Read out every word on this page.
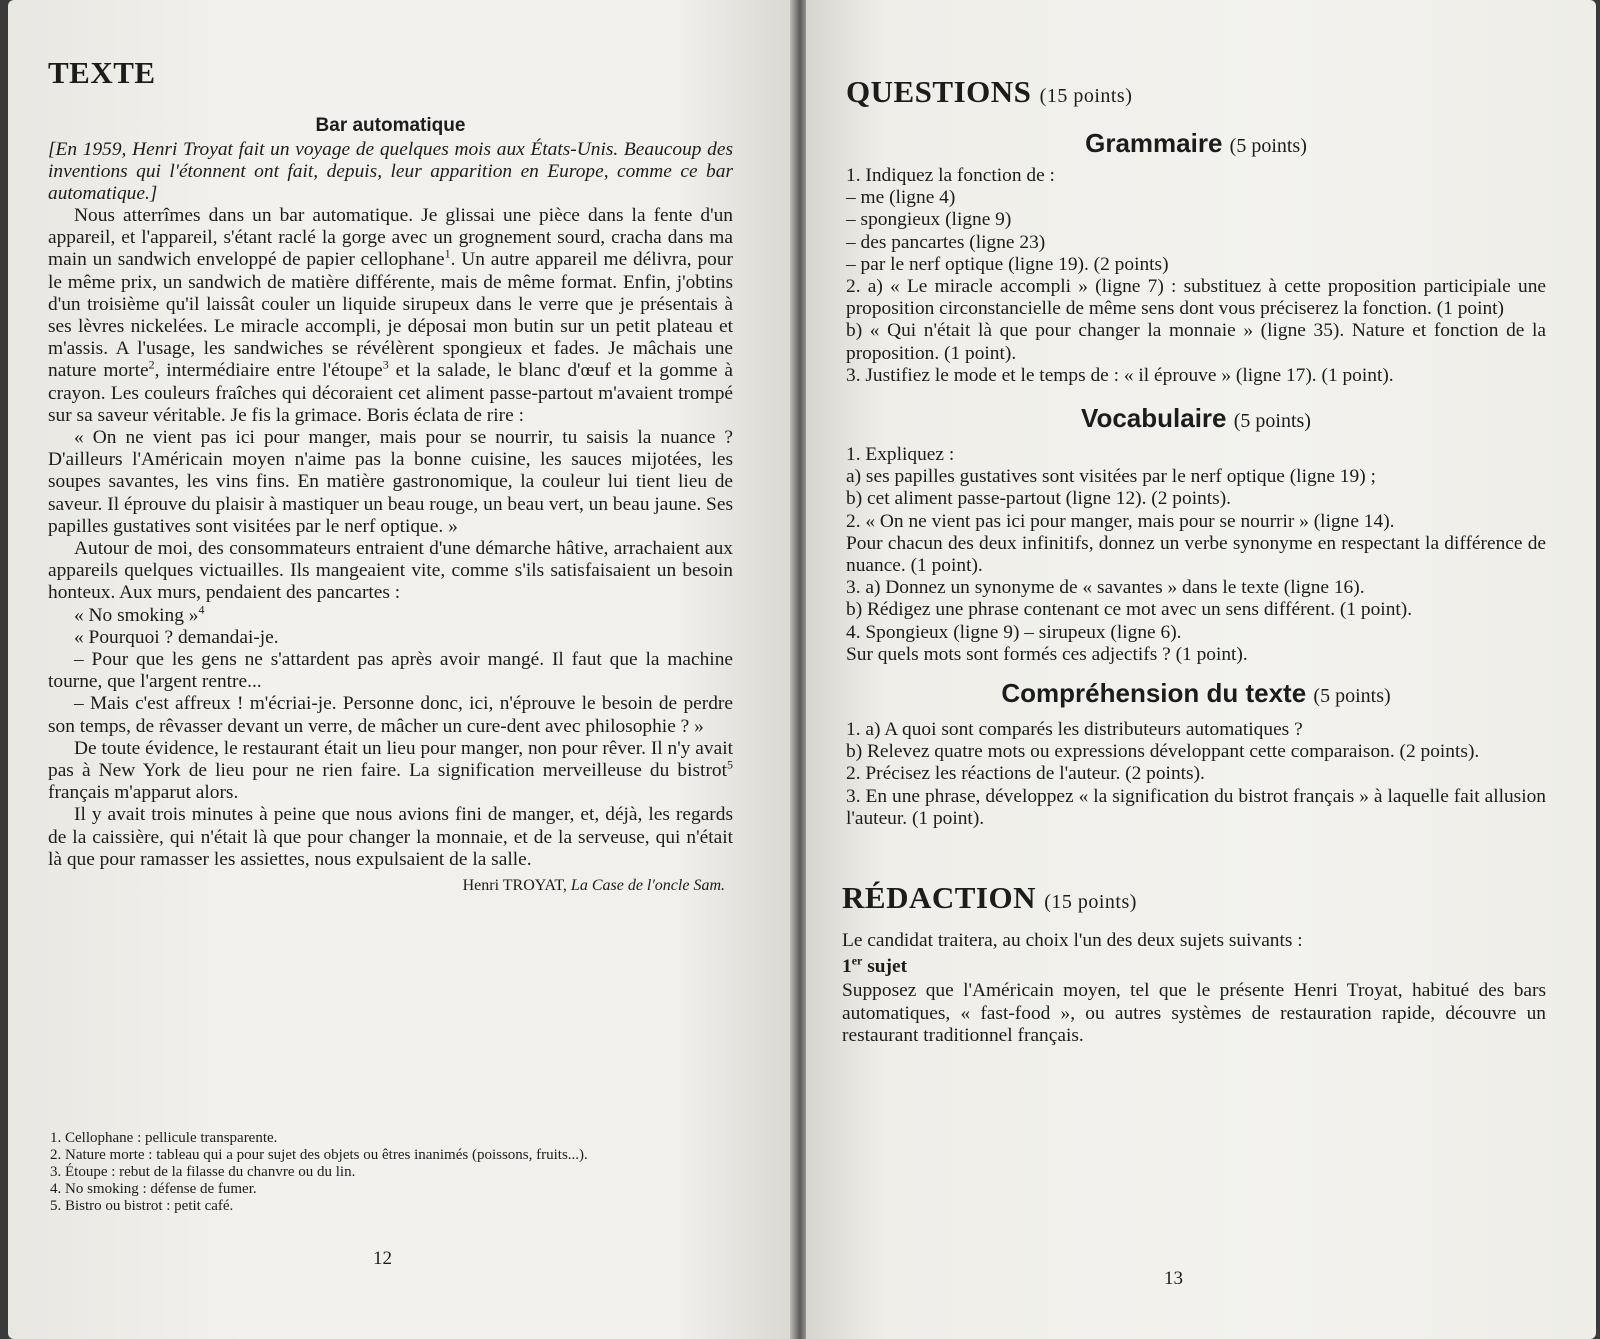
TEXTE
Bar automatique

[En 1959, Henri Troyat fait un voyage de quelques mois aux États-Unis. Beaucoup des inventions qui l'étonnent ont fait, depuis, leur apparition en Europe, comme ce bar automatique.]

Nous atterrîmes dans un bar automatique. Je glissai une pièce dans la fente d'un appareil, et l'appareil, s'étant raclé la gorge avec un grognement sourd, cracha dans ma main un sandwich enveloppé de papier cellophane$^1$. Un autre appareil me délivra, pour le même prix, un sandwich de matière différente, mais de même format. Enfin, j'obtins d'un troisième qu'il laissât couler un liquide sirupeux dans le verre que je présentais à ses lèvres nickelées. Le miracle accompli, je déposai mon butin sur un petit plateau et m'assis. A l'usage, les sandwiches se révélèrent spongieux et fades. Je mâchais une nature morte$^2$, intermédiaire entre l'étoupe$^3$ et la salade, le blanc d'œuf et la gomme à crayon. Les couleurs fraîches qui décoraient cet aliment passe-partout m'avaient trompé sur sa saveur véritable. Je fis la grimace. Boris éclata de rire :

« On ne vient pas ici pour manger, mais pour se nourrir, tu saisis la nuance ? D'ailleurs l'Américain moyen n'aime pas la bonne cuisine, les sauces mijotées, les soupes savantes, les vins fins. En matière gastronomique, la couleur lui tient lieu de saveur. Il éprouve du plaisir à mastiquer un beau rouge, un beau vert, un beau jaune. Ses papilles gustatives sont visitées par le nerf optique. »

Autour de moi, des consommateurs entraient d'une démarche hâtive, arrachaient aux appareils quelques victuailles. Ils mangeaient vite, comme s'ils satisfaisaient un besoin honteux. Aux murs, pendaient des pancartes :

« No smoking »$^4$

« Pourquoi ? demandai-je.

– Pour que les gens ne s'attardent pas après avoir mangé. Il faut que la machine tourne, que l'argent rentre...

– Mais c'est affreux ! m'écriai-je. Personne donc, ici, n'éprouve le besoin de perdre son temps, de rêvasser devant un verre, de mâcher un cure-dent avec philosophie ? »

De toute évidence, le restaurant était un lieu pour manger, non pour rêver. Il n'y avait pas à New York de lieu pour ne rien faire. La signification merveilleuse du bistrot$^5$ français m'apparut alors.

Il y avait trois minutes à peine que nous avions fini de manger, et, déjà, les regards de la caissière, qui n'était là que pour changer la monnaie, et de la serveuse, qui n'était là que pour ramasser les assiettes, nous expulsaient de la salle.

Henri TROYAT, La Case de l'oncle Sam.
1. Cellophane : pellicule transparente.
2. Nature morte : tableau qui a pour sujet des objets ou êtres inanimés (poissons, fruits...).
3. Étoupe : rebut de la filasse du chanvre ou du lin.
4. No smoking : défense de fumer.
5. Bistro ou bistrot : petit café.
12
QUESTIONS (15 points)
Grammaire (5 points)

1. Indiquez la fonction de :

– me (ligne 4)

– spongieux (ligne 9)

– des pancartes (ligne 23)

– par le nerf optique (ligne 19). (2 points)

2. a) « Le miracle accompli » (ligne 7) : substituez à cette proposition participiale une proposition circonstancielle de même sens dont vous préciserez la fonction. (1 point)

b) « Qui n'était là que pour changer la monnaie » (ligne 35). Nature et fonction de la proposition. (1 point).

3. Justifiez le mode et le temps de : « il éprouve » (ligne 17). (1 point).

Vocabulaire (5 points)

1. Expliquez :

a) ses papilles gustatives sont visitées par le nerf optique (ligne 19) ;

b) cet aliment passe-partout (ligne 12). (2 points).

2. « On ne vient pas ici pour manger, mais pour se nourrir » (ligne 14).

Pour chacun des deux infinitifs, donnez un verbe synonyme en respectant la différence de nuance. (1 point).

3. a) Donnez un synonyme de « savantes » dans le texte (ligne 16).

b) Rédigez une phrase contenant ce mot avec un sens différent. (1 point).

4. Spongieux (ligne 9) – sirupeux (ligne 6).

Sur quels mots sont formés ces adjectifs ? (1 point).

Compréhension du texte (5 points)

1. a) A quoi sont comparés les distributeurs automatiques ?

b) Relevez quatre mots ou expressions développant cette comparaison. (2 points).

2. Précisez les réactions de l'auteur. (2 points).

3. En une phrase, développez « la signification du bistrot français » à laquelle fait allusion l'auteur. (1 point).

RÉDACTION (15 points)

Le candidat traitera, au choix l'un des deux sujets suivants :

1er sujet

Supposez que l'Américain moyen, tel que le présente Henri Troyat, habitué des bars automatiques, « fast-food », ou autres systèmes de restauration rapide, découvre un restaurant traditionnel français.

13
